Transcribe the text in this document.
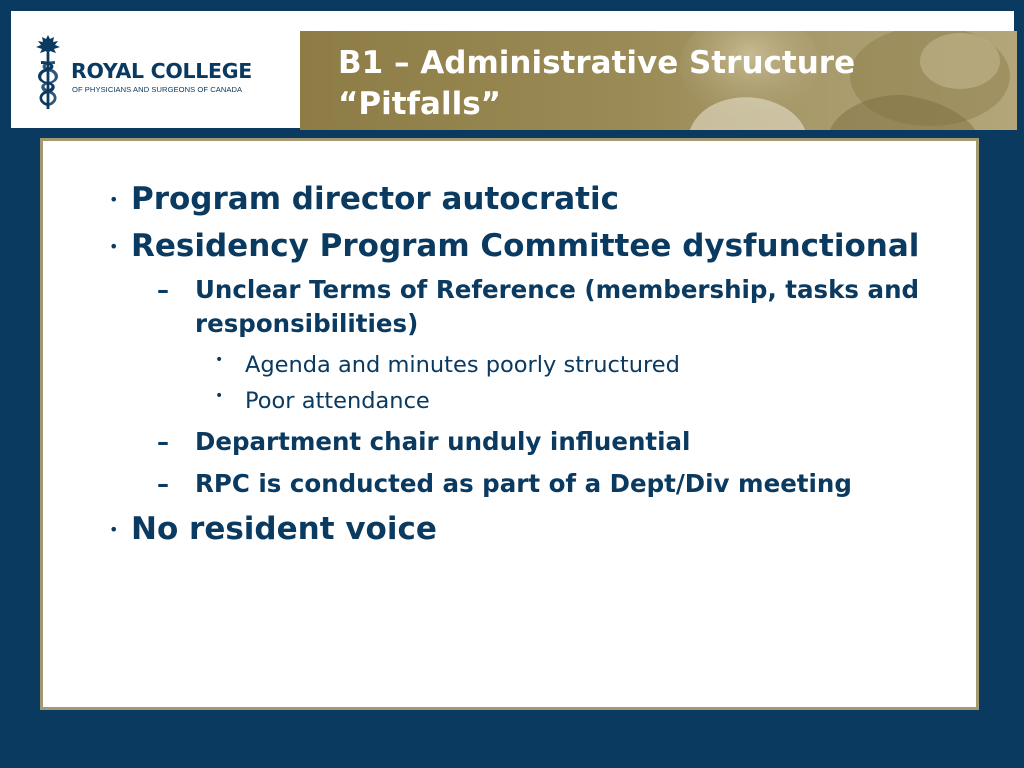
ROYAL COLLEGE
OF PHYSICIANS AND SURGEONS OF CANADA
B1 – Administrative Structure
“Pitfalls”
• Program director autocratic
• Residency Program Committee dysfunctional
– Unclear Terms of Reference (membership, tasks and responsibilities)
• Agenda and minutes poorly structured
• Poor attendance
– Department chair unduly influential
– RPC is conducted as part of a Dept/Div meeting
• No resident voice
